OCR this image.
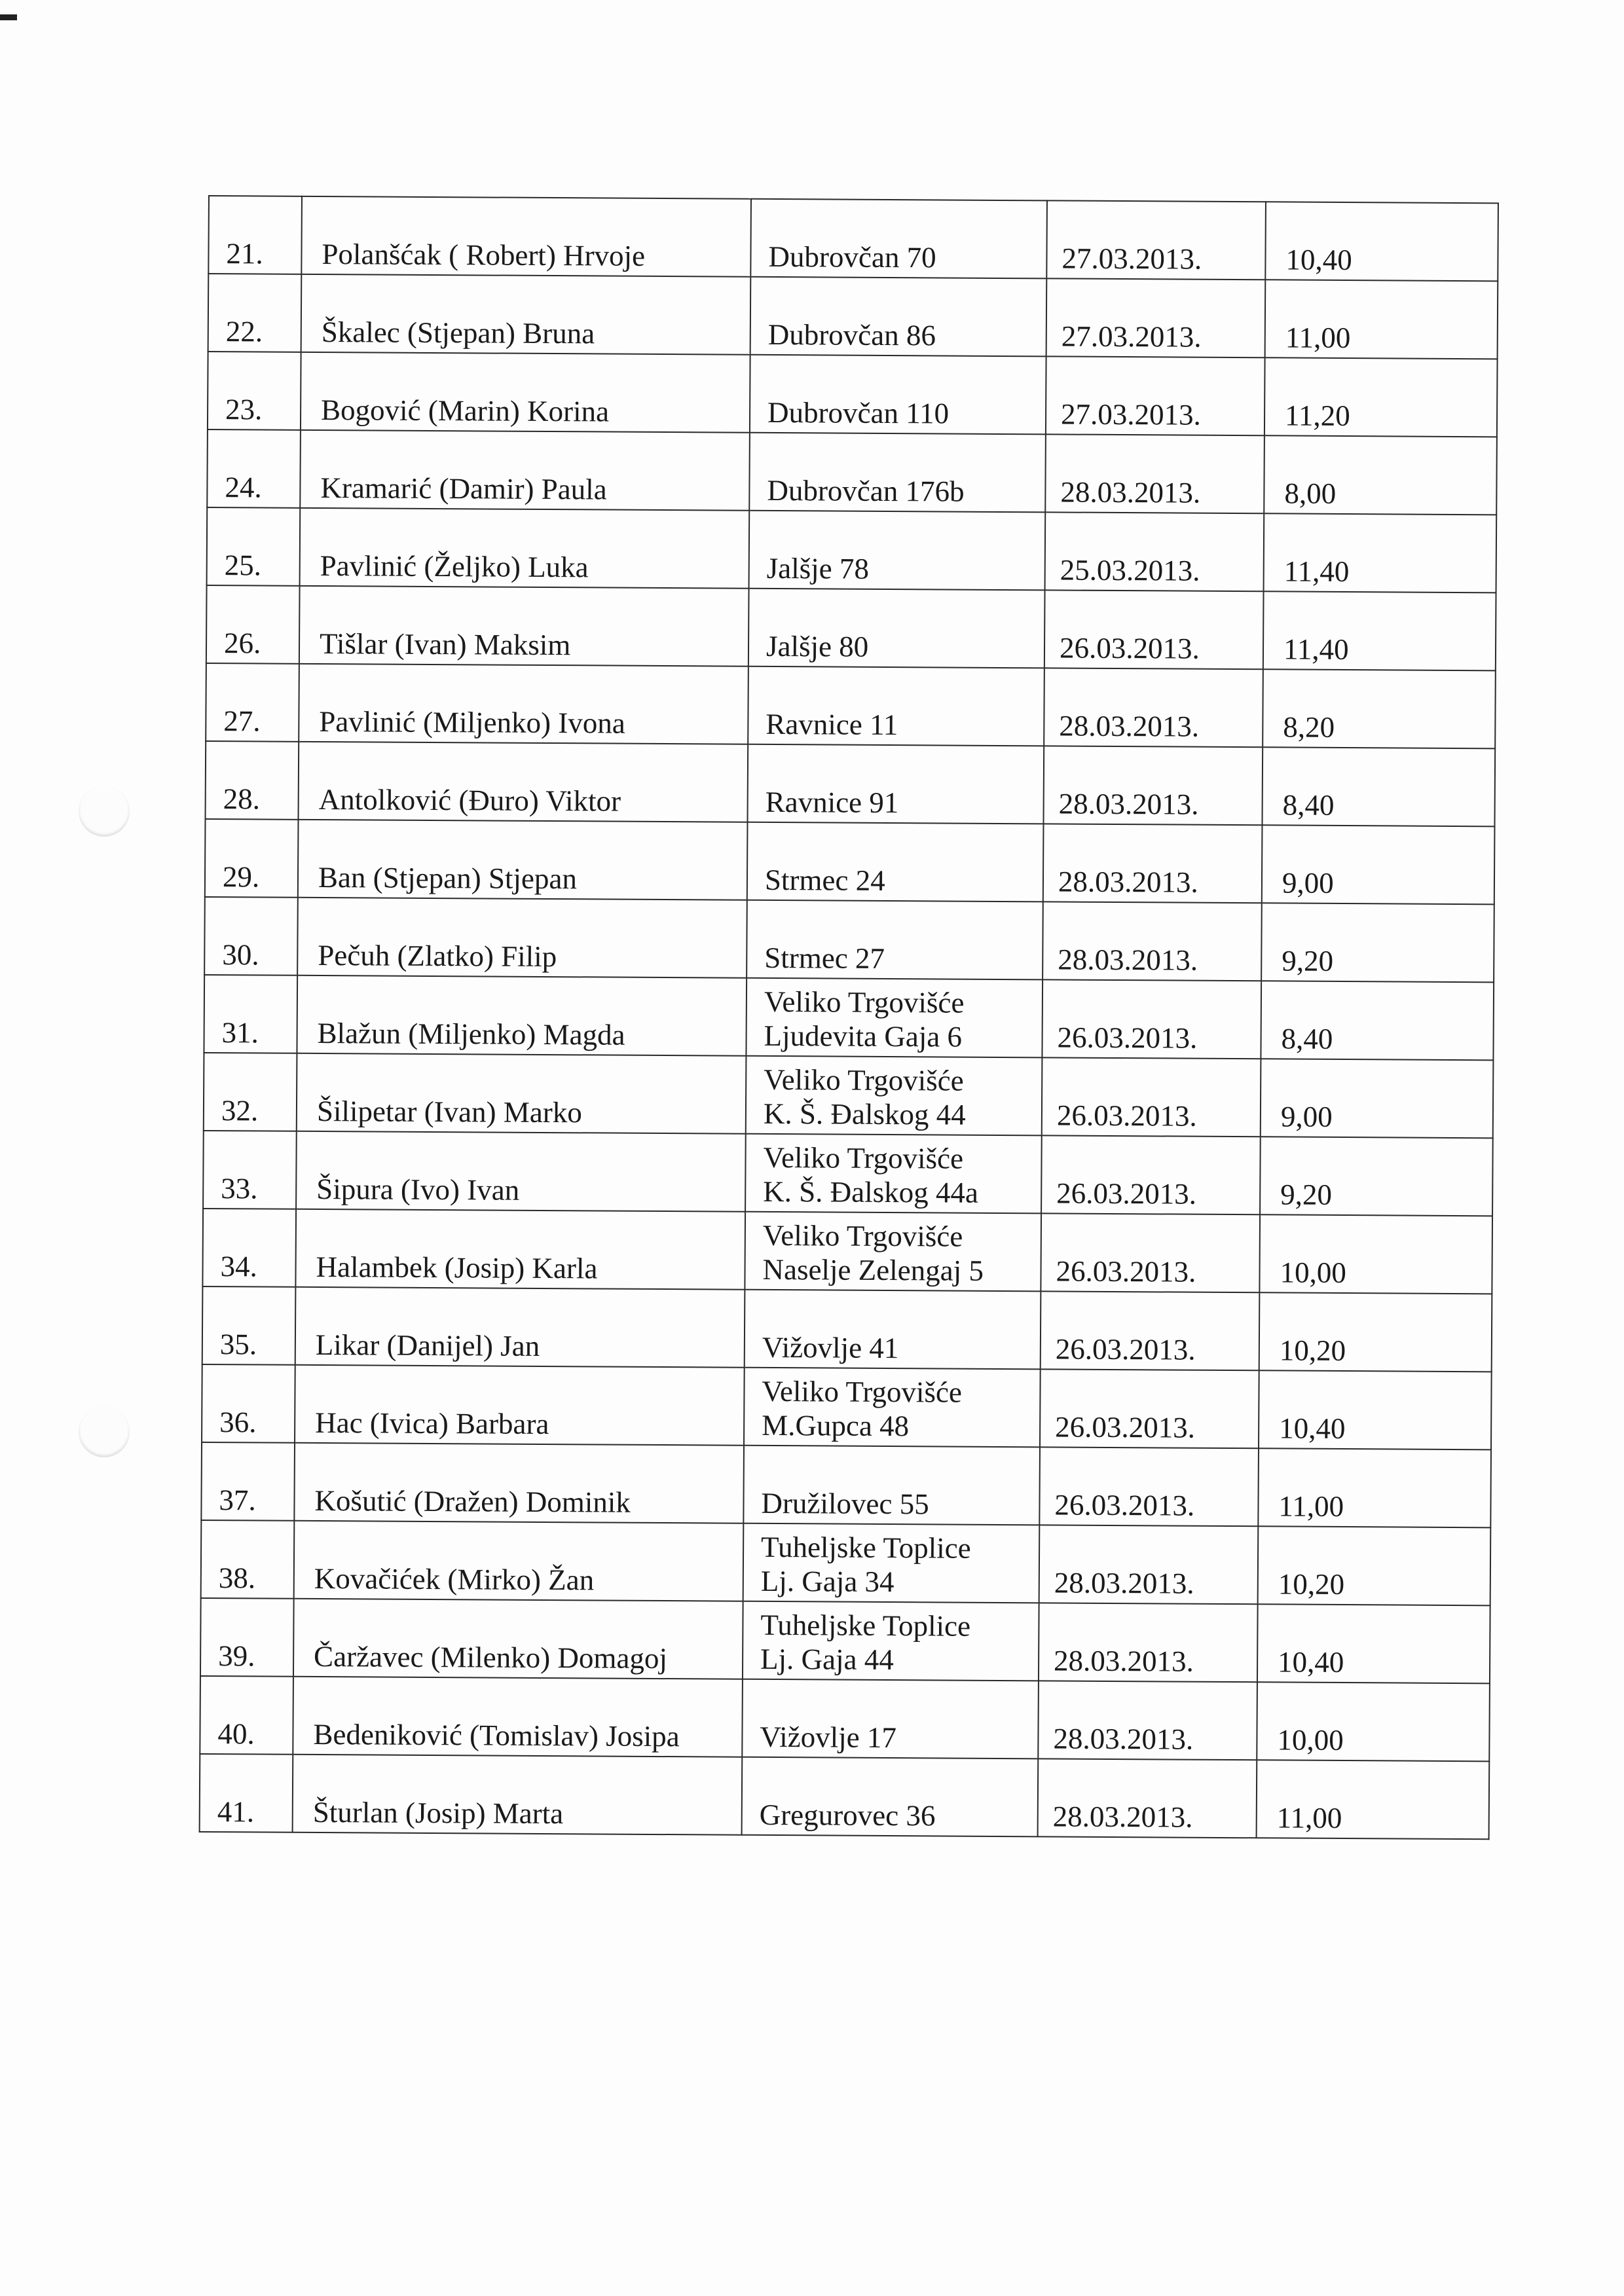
21.	Polanšćak ( Robert) Hrvoje	Dubrovčan 70	27.03.2013.	10,40
22.	Škalec (Stjepan) Bruna	Dubrovčan 86	27.03.2013.	11,00
23.	Bogović (Marin) Korina	Dubrovčan 110	27.03.2013.	11,20
24.	Kramarić (Damir) Paula	Dubrovčan 176b	28.03.2013.	8,00
25.	Pavlinić (Željko) Luka	Jalšje 78	25.03.2013.	11,40
26.	Tišlar (Ivan) Maksim	Jalšje 80	26.03.2013.	11,40
27.	Pavlinić (Miljenko) Ivona	Ravnice 11	28.03.2013.	8,20
28.	Antolković (Đuro) Viktor	Ravnice 91	28.03.2013.	8,40
29.	Ban (Stjepan) Stjepan	Strmec 24	28.03.2013.	9,00
30.	Pečuh (Zlatko) Filip	Strmec 27	28.03.2013.	9,20
31.	Blažun (Miljenko) Magda	Veliko Trgovišće
Ljudevita Gaja 6	26.03.2013.	8,40
32.	Šilipetar (Ivan) Marko	Veliko Trgovišće
K. Š. Đalskog 44	26.03.2013.	9,00
33.	Šipura (Ivo) Ivan	Veliko Trgovišće
K. Š. Đalskog 44a	26.03.2013.	9,20
34.	Halambek (Josip) Karla	Veliko Trgovišće
Naselje Zelengaj 5	26.03.2013.	10,00
35.	Likar (Danijel) Jan	Vižovlje 41	26.03.2013.	10,20
36.	Hac (Ivica) Barbara	Veliko Trgovišće
M.Gupca 48	26.03.2013.	10,40
37.	Košutić (Dražen) Dominik	Družilovec 55	26.03.2013.	11,00
38.	Kovačićek (Mirko) Žan	Tuheljske Toplice
Lj. Gaja 34	28.03.2013.	10,20
39.	Čaržavec (Milenko) Domagoj	Tuheljske Toplice
Lj. Gaja 44	28.03.2013.	10,40
40.	Bedeniković (Tomislav) Josipa	Vižovlje 17	28.03.2013.	10,00
41.	Šturlan (Josip) Marta	Gregurovec 36	28.03.2013.	11,00
